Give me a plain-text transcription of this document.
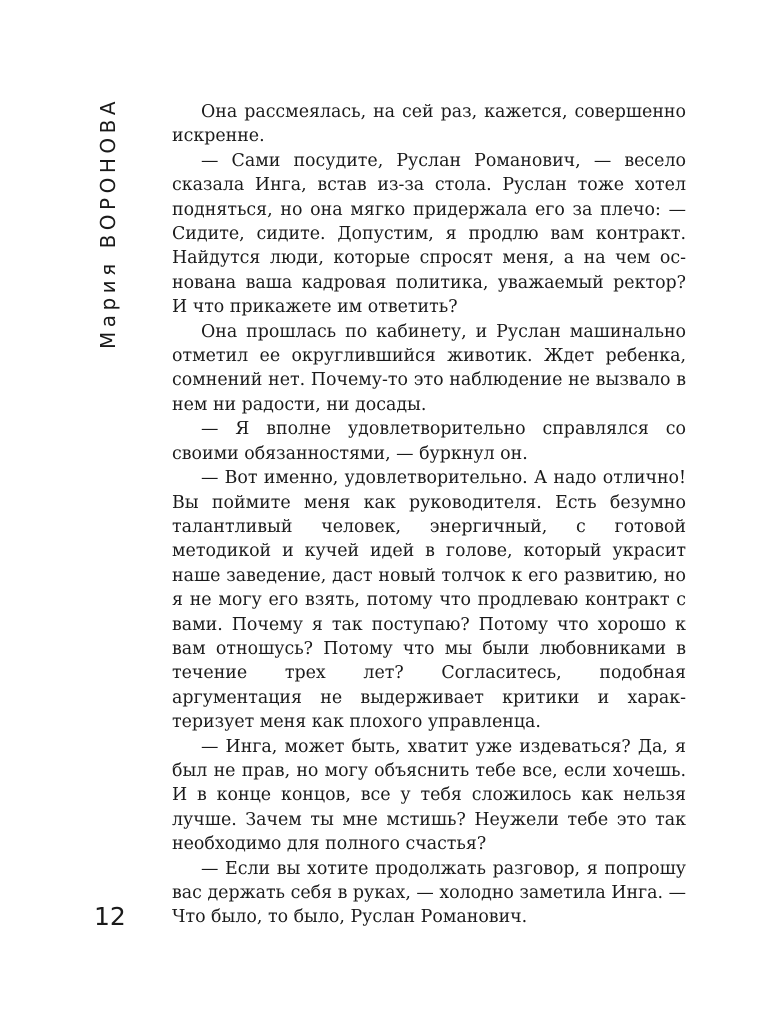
Мария ВОРОНОВА
12

Она рассмеялась, на сей раз, кажется, совершенно искренне.

— Сами посудите, Руслан Романович, — весело сказала Инга, встав из-за стола. Руслан тоже хотел подняться, но она мягко придержала его за плечо: — Сидите, сидите. Допустим, я продлю вам контракт. Найдутся люди, которые спросят меня, а на чем основана ваша кадровая политика, уважаемый ректор? И что прикажете им ответить?

Она прошлась по кабинету, и Руслан машинально отметил ее округлившийся животик. Ждет ребенка, сомнений нет. Почему-то это наблюдение не вызвало в нем ни радости, ни досады.

— Я вполне удовлетворительно справлялся со своими обязанностями, — буркнул он.

— Вот именно, удовлетворительно. А надо отлично! Вы поймите меня как руководителя. Есть безумно талантливый человек, энергичный, с готовой методикой и кучей идей в голове, который украсит наше заведение, даст новый толчок к его развитию, но я не могу его взять, потому что продлеваю контракт с вами. Почему я так поступаю? Потому что хорошо к вам отношусь? Потому что мы были любовниками в течение трех лет? Согласитесь, подобная аргументация не выдерживает критики и характеризует меня как плохого управленца.

— Инга, может быть, хватит уже издеваться? Да, я был не прав, но могу объяснить тебе все, если хочешь. И в конце концов, все у тебя сложилось как нельзя лучше. Зачем ты мне мстишь? Неужели тебе это так необходимо для полного счастья?

— Если вы хотите продолжать разговор, я попрошу вас держать себя в руках, — холодно заметила Инга. — Что было, то было, Руслан Романович.
